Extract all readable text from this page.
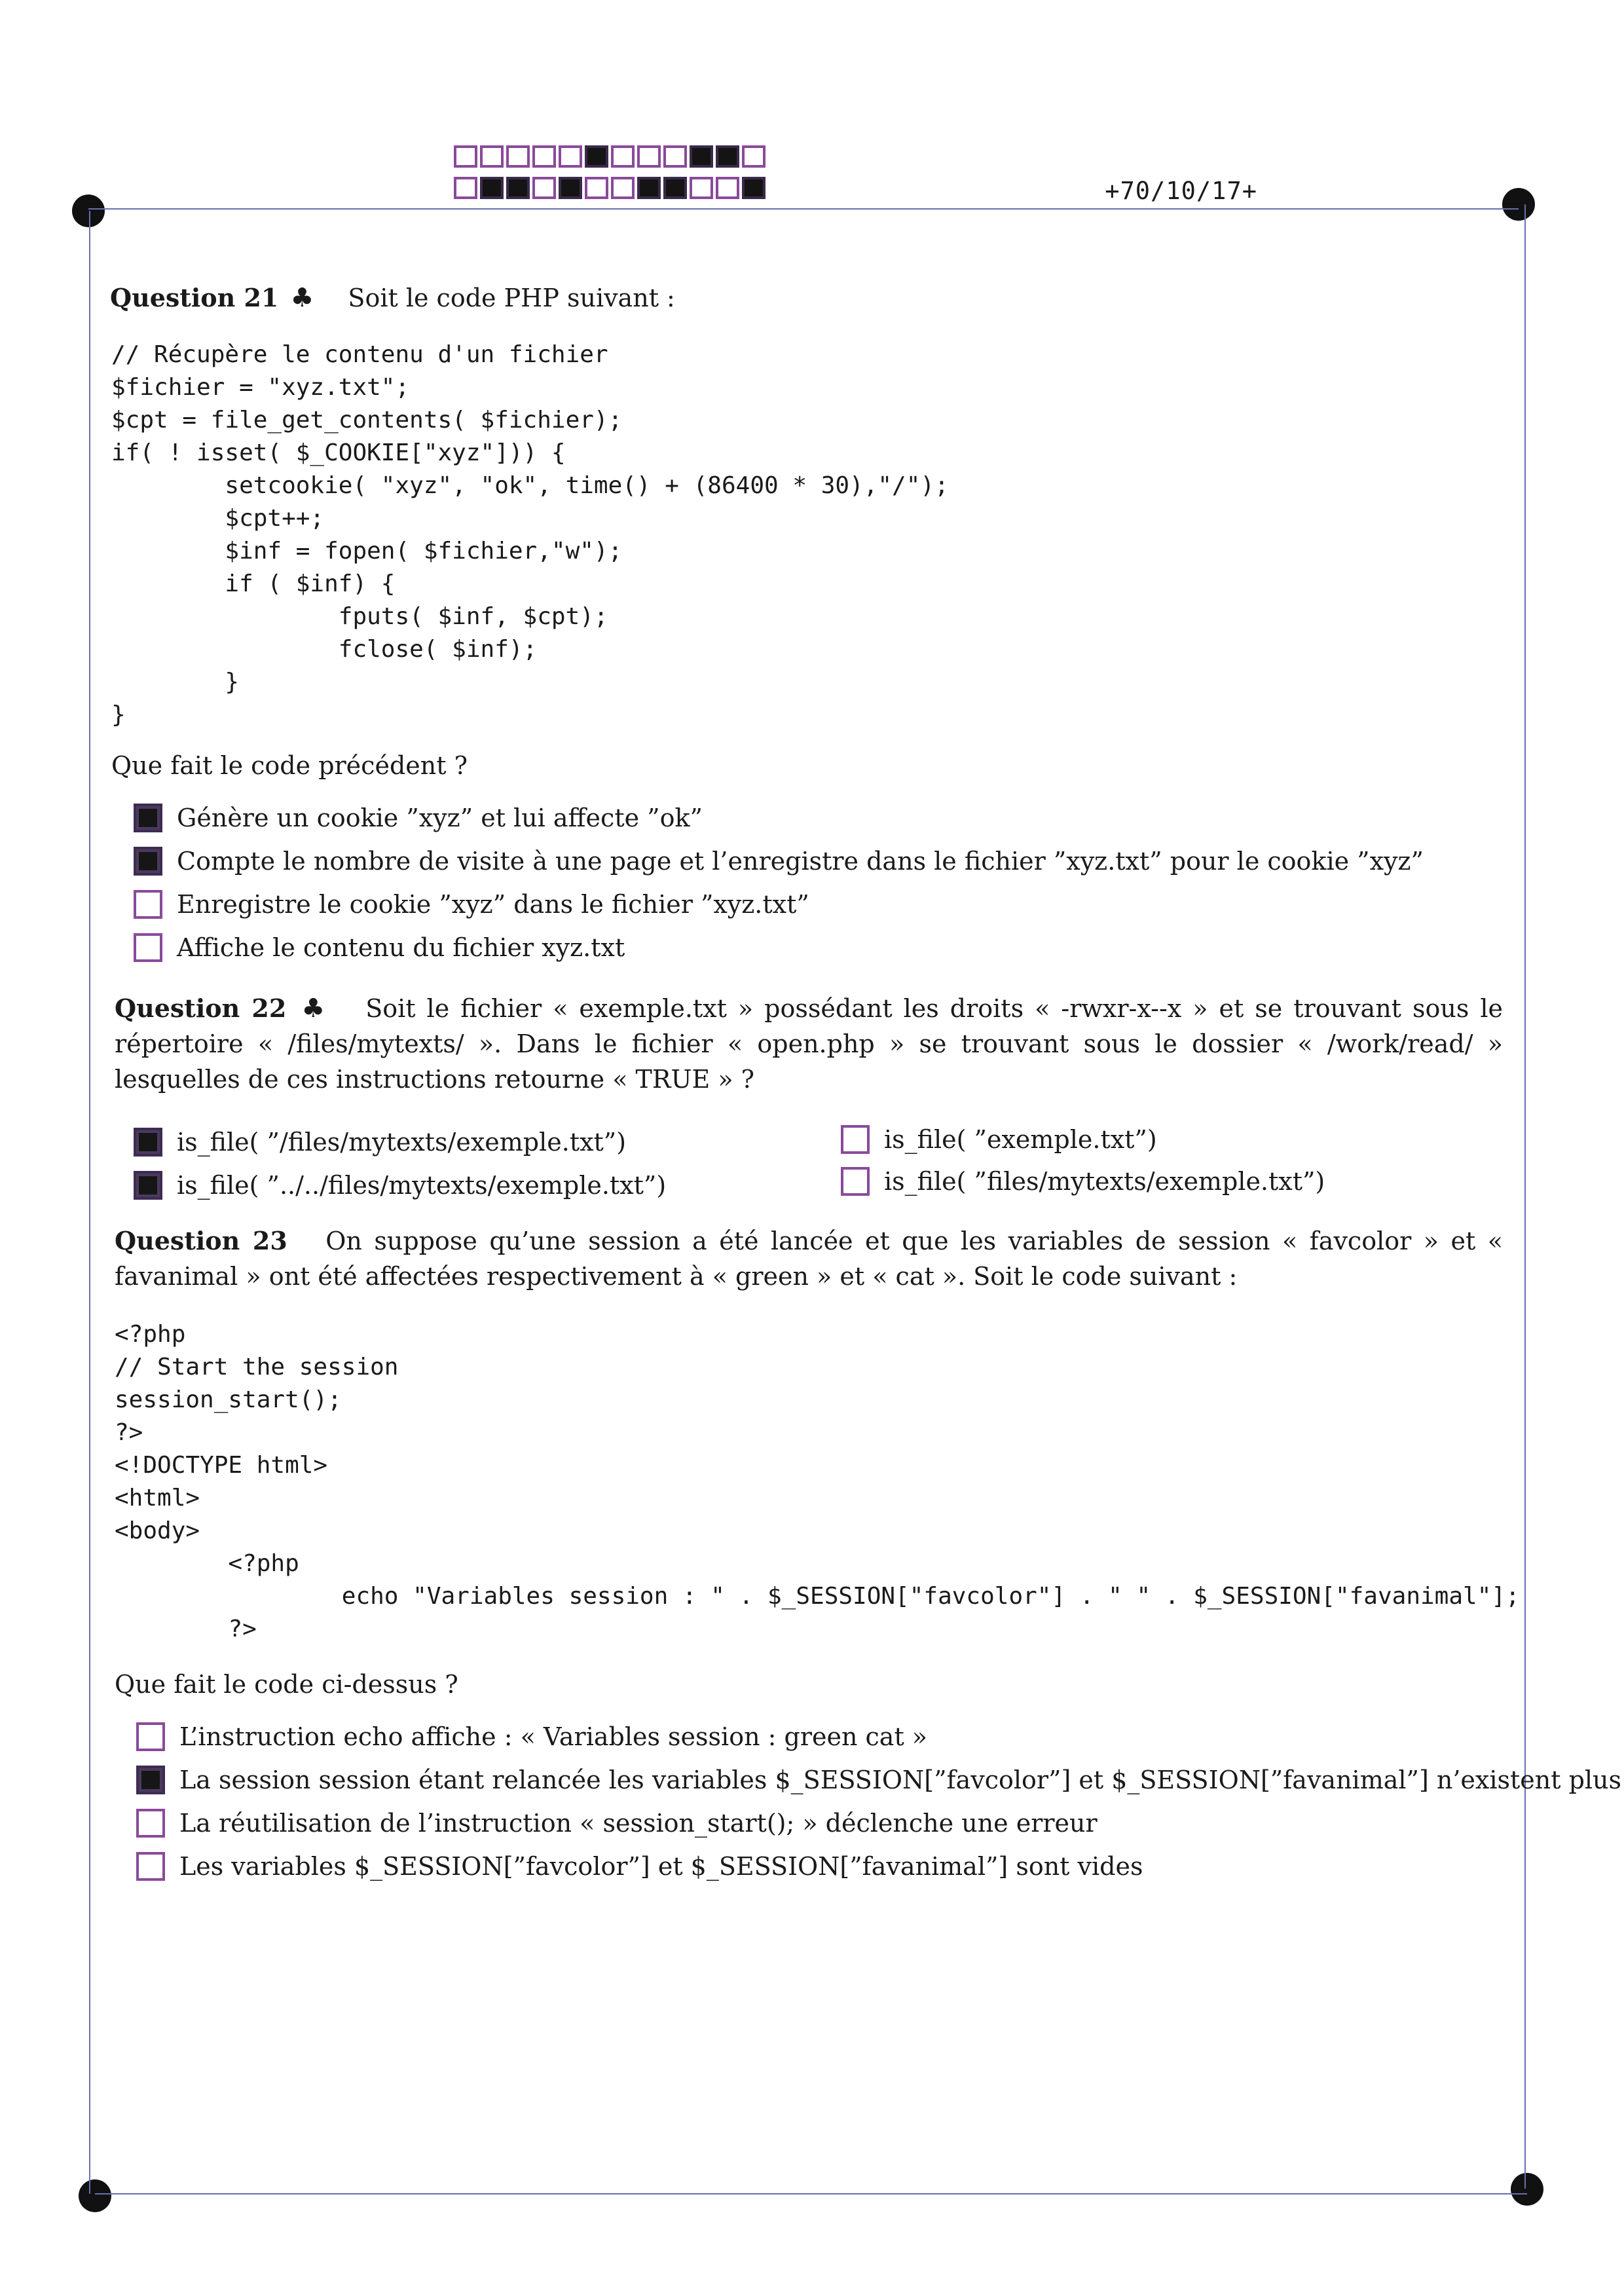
+70/10/17+
Question 21 ♣ Soit le code PHP suivant :
// Récupère le contenu d'un fichier
$fichier = "xyz.txt";
$cpt = file_get_contents( $fichier);
if( ! isset( $_COOKIE["xyz"])) {
setcookie( "xyz", "ok", time() + (86400 * 30),"/");
$cpt++;
$inf = fopen( $fichier,"w");
if ( $inf) {
fputs( $inf, $cpt);
fclose( $inf);
}
}
Que fait le code précédent ?
Génère un cookie ”xyz” et lui affecte ”ok”
Compte le nombre de visite à une page et l’enregistre dans le fichier ”xyz.txt” pour le cookie ”xyz”
Enregistre le cookie ”xyz” dans le fichier ”xyz.txt”
Affiche le contenu du fichier xyz.txt
Question 22 ♣ Soit le fichier « exemple.txt » possédant les droits « -rwxr-x--x » et se trouvant sous le répertoire « /files/mytexts/ ». Dans le fichier « open.php » se trouvant sous le dossier « /work/read/ » lesquelles de ces instructions retourne « TRUE » ?
is_file( ”/files/mytexts/exemple.txt”)
is_file( ”../../files/mytexts/exemple.txt”)
is_file( ”exemple.txt”)
is_file( ”files/mytexts/exemple.txt”)
Question 23 On suppose qu’une session a été lancée et que les variables de session « favcolor » et « favanimal » ont été affectées respectivement à « green » et « cat ». Soit le code suivant :
<?php
// Start the session
session_start();
?>
<!DOCTYPE html>
<html>
<body>
<?php
echo "Variables session : " . $_SESSION["favcolor"] . " " . $_SESSION["favanimal"];
?>
Que fait le code ci-dessus ?
L’instruction echo affiche : « Variables session : green cat »
La session session étant relancée les variables $_SESSION[”favcolor”] et $_SESSION[”favanimal”] n’existent plus
La réutilisation de l’instruction « session_start(); » déclenche une erreur
Les variables $_SESSION[”favcolor”] et $_SESSION[”favanimal”] sont vides
